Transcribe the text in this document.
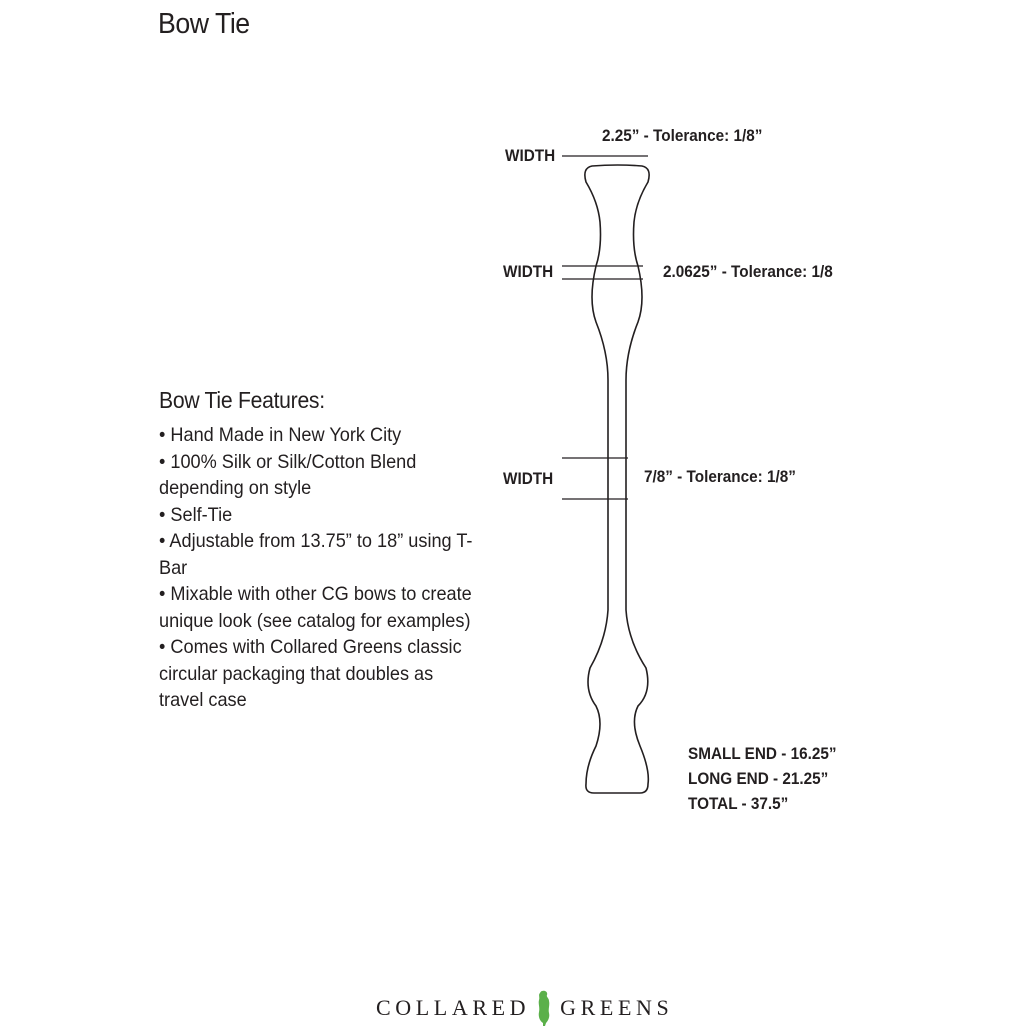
Bow Tie
Bow Tie Features:
• Hand Made in New York City
• 100% Silk or Silk/Cotton Blend depending on style
• Self-Tie
• Adjustable from 13.75” to 18” using T-Bar
• Mixable with other CG bows to create unique look (see catalog for examples)
• Comes with Collared Greens classic circular packaging that doubles as travel case
WIDTH
2.25” - Tolerance: 1/8”
WIDTH	2.0625” - Tolerance: 1/8
WIDTH	7/8” - Tolerance: 1/8”
SMALL END - 16.25”
LONG END - 21.25”
TOTAL - 37.5”
COLLARED GREENS
